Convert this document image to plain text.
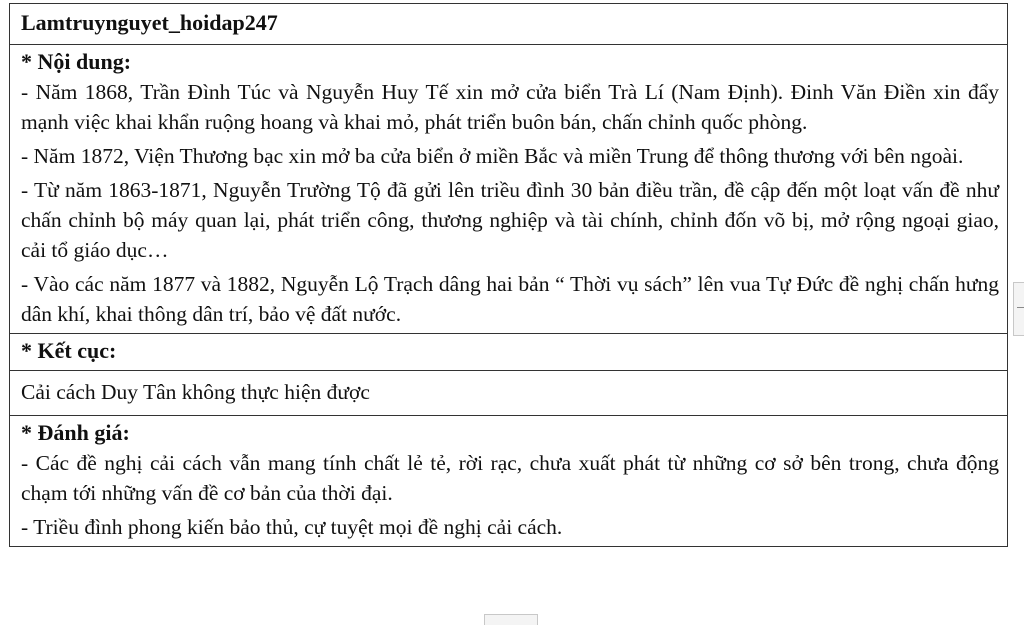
Lamtruynguyet_hoidap247

* Nội dung:

- Năm 1868, Trần Đình Túc và Nguyễn Huy Tế xin mở cửa biển Trà Lí (Nam Định). Đinh Văn Điền xin đẩy mạnh việc khai khẩn ruộng hoang và khai mỏ, phát triển buôn bán, chấn chỉnh quốc phòng.

- Năm 1872, Viện Thương bạc xin mở ba cửa biển ở miền Bắc và miền Trung để thông thương với bên ngoài.

- Từ năm 1863-1871, Nguyễn Trường Tộ đã gửi lên triều đình 30 bản điều trần, đề cập đến một loạt vấn đề như chấn chỉnh bộ máy quan lại, phát triển công, thương nghiệp và tài chính, chỉnh đốn võ bị, mở rộng ngoại giao, cải tổ giáo dục…

- Vào các năm 1877 và 1882, Nguyễn Lộ Trạch dâng hai bản “ Thời vụ sách” lên vua Tự Đức đề nghị chấn hưng dân khí, khai thông dân trí, bảo vệ đất nước.

* Kết cục:

Cải cách Duy Tân không thực hiện được

* Đánh giá:

- Các đề nghị cải cách vẫn mang tính chất lẻ tẻ, rời rạc, chưa xuất phát từ những cơ sở bên trong, chưa động chạm tới những vấn đề cơ bản của thời đại.

- Triều đình phong kiến bảo thủ, cự tuyệt mọi đề nghị cải cách.
